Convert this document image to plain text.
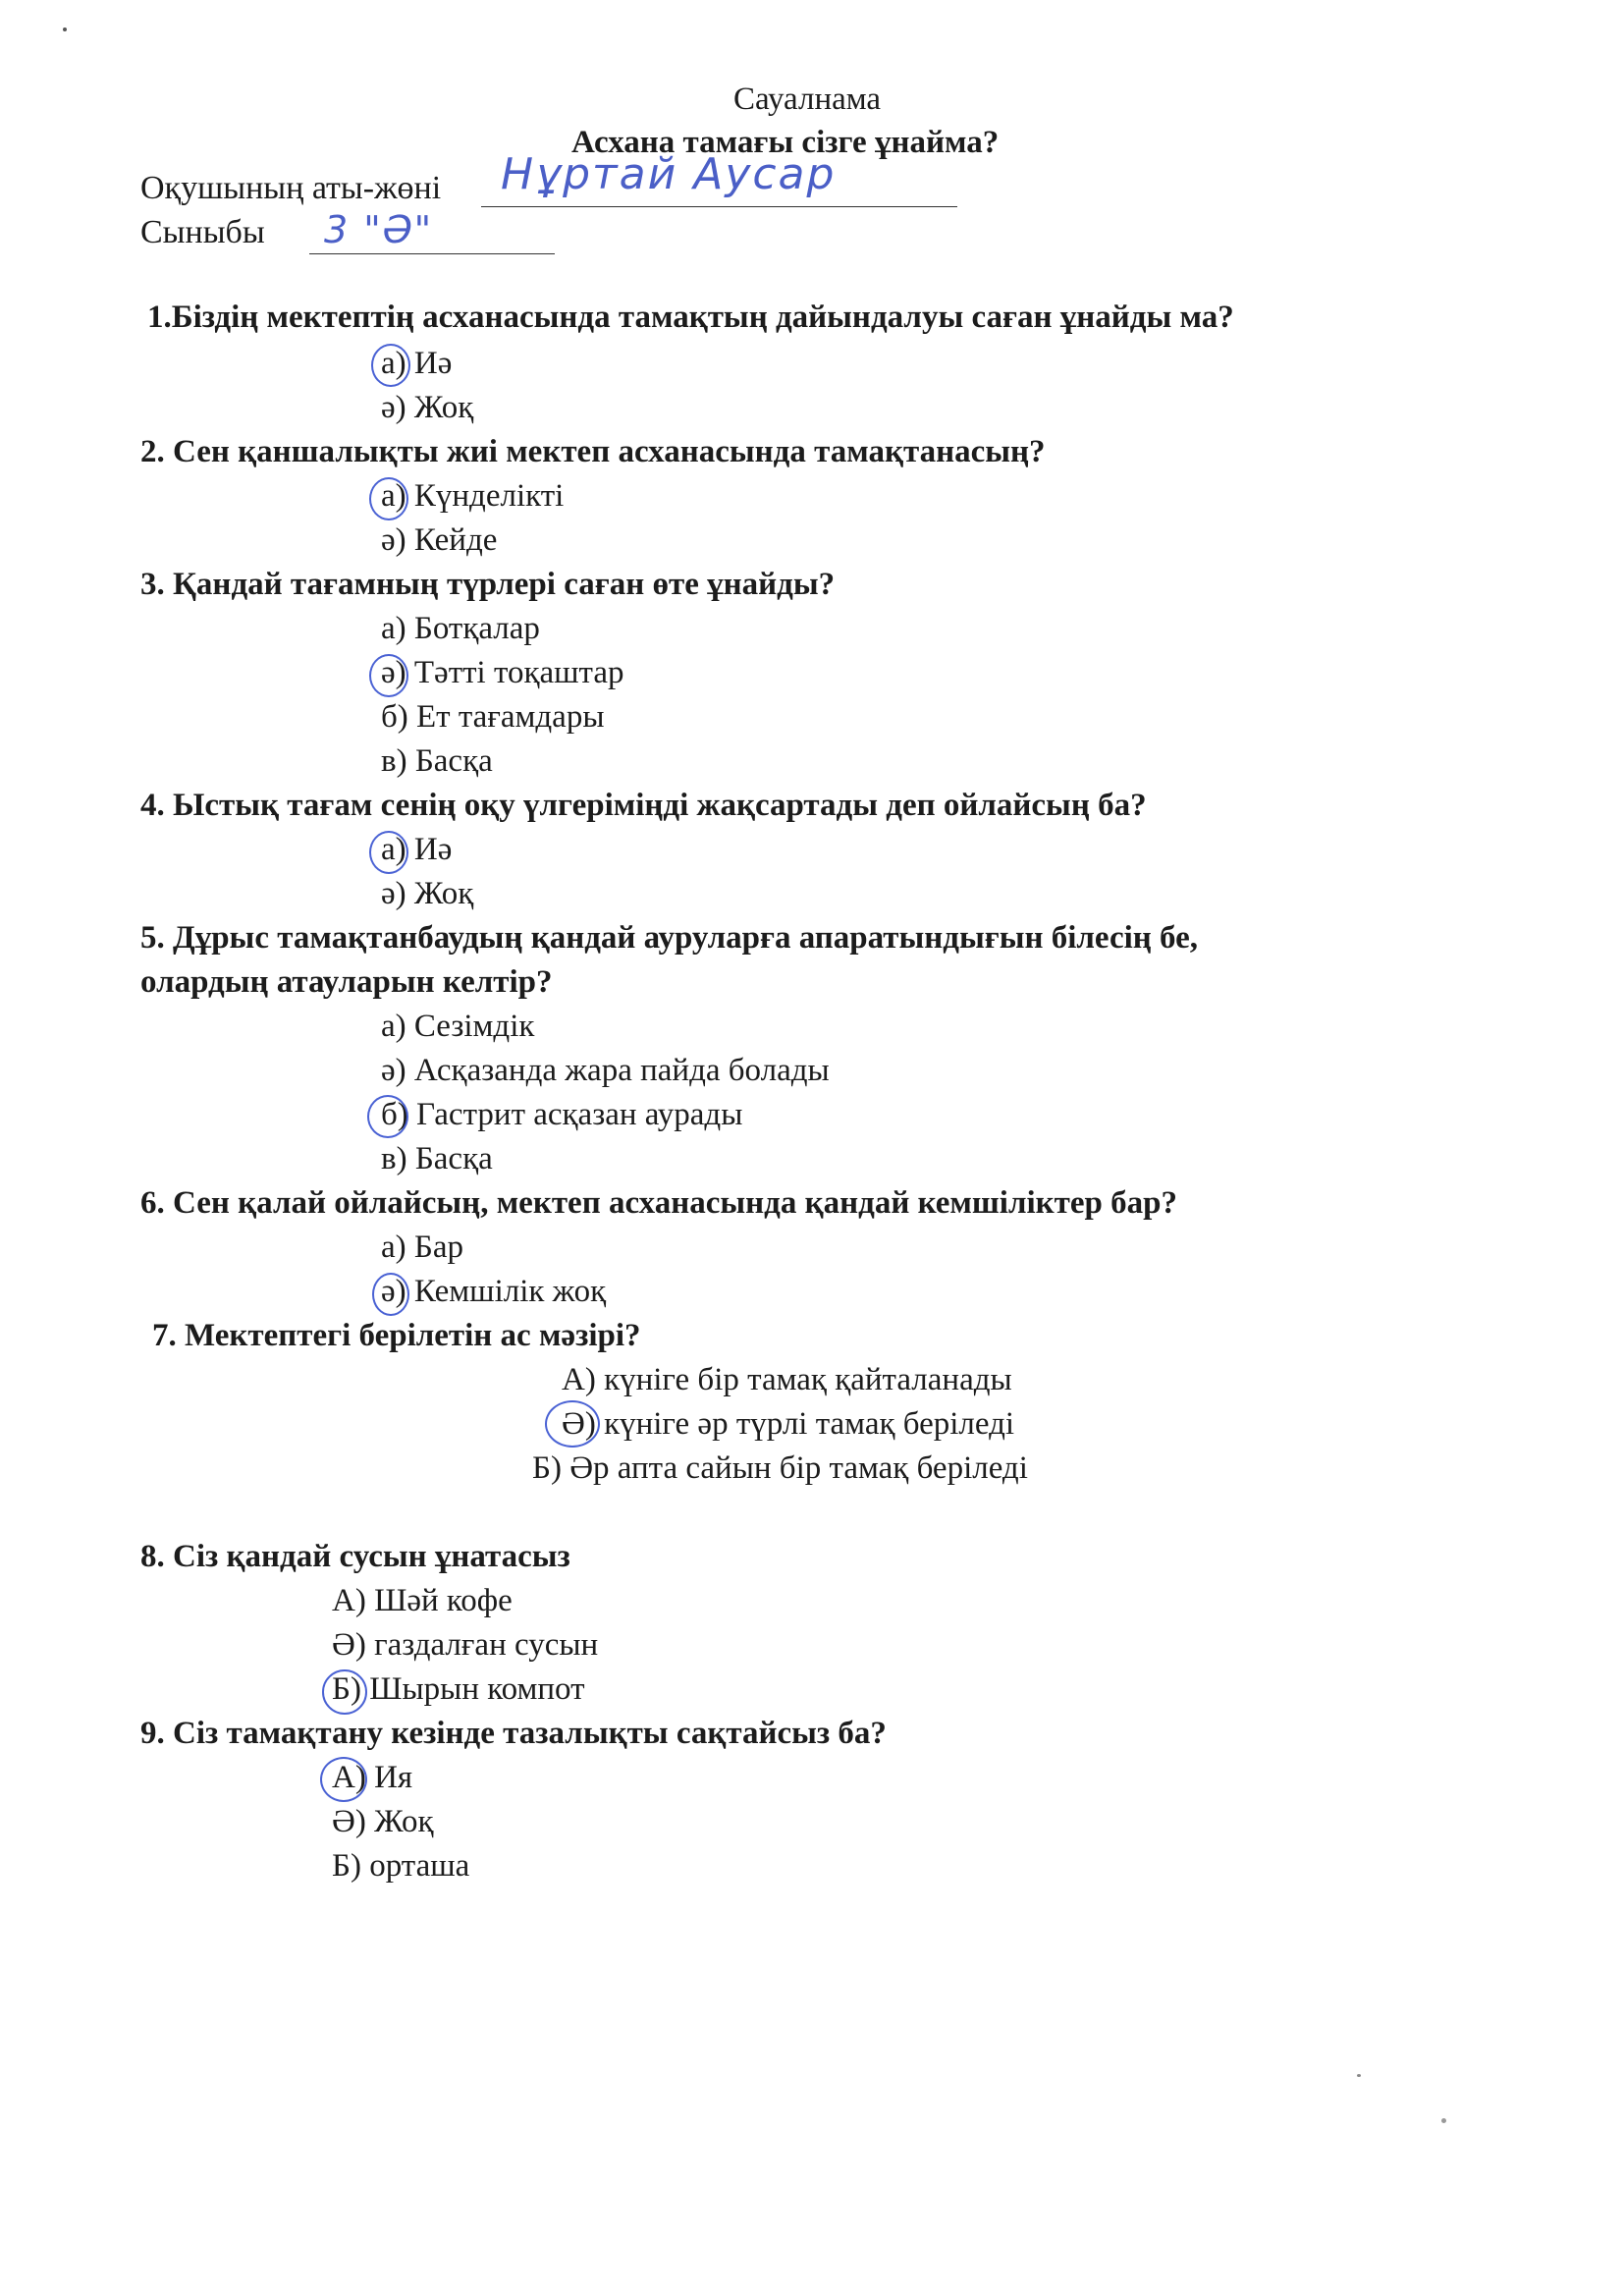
Сауалнама
Асхана тамағы сізге ұнайма?
Оқушының аты-жөні Нұртай Аусар
Сыныбы 3 "Ә"
1.Біздің мектептің асханасында тамақтың дайындалуы саған ұнайды ма?
а) Иә
ә) Жоқ
2. Сен қаншалықты жиі мектеп асханасында тамақтанасың?
а) Күнделікті
ә) Кейде
3. Қандай тағамның түрлері саған өте ұнайды?
а) Ботқалар
ә) Тәтті тоқаштар
б) Ет тағамдары
в) Басқа
4. Ыстық тағам сенің оқу үлгеріміңді жақсартады деп ойлайсың ба?
а) Иә
ә) Жоқ
5. Дұрыс тамақтанбаудың қандай ауруларға апаратындығын білесің бе,
олардың атауларын келтір?
а) Сезімдік
ә) Асқазанда жара пайда болады
б) Гастрит асқазан аурады
в) Басқа
6. Сен қалай ойлайсың, мектеп асханасында қандай кемшіліктер бар?
а) Бар
ә) Кемшілік жоқ
7. Мектептегі берілетін ас мәзірі?
А) күніге бір тамақ қайталанады
Ә) күніге әр түрлі тамақ беріледі
Б) Әр апта сайын бір тамақ беріледі
8. Сіз қандай сусын ұнатасыз
А) Шәй кофе
Ә) газдалған сусын
Б) Шырын компот
9. Сіз тамақтану кезінде тазалықты сақтайсыз ба?
А) Ия
Ә) Жоқ
Б) орташа
